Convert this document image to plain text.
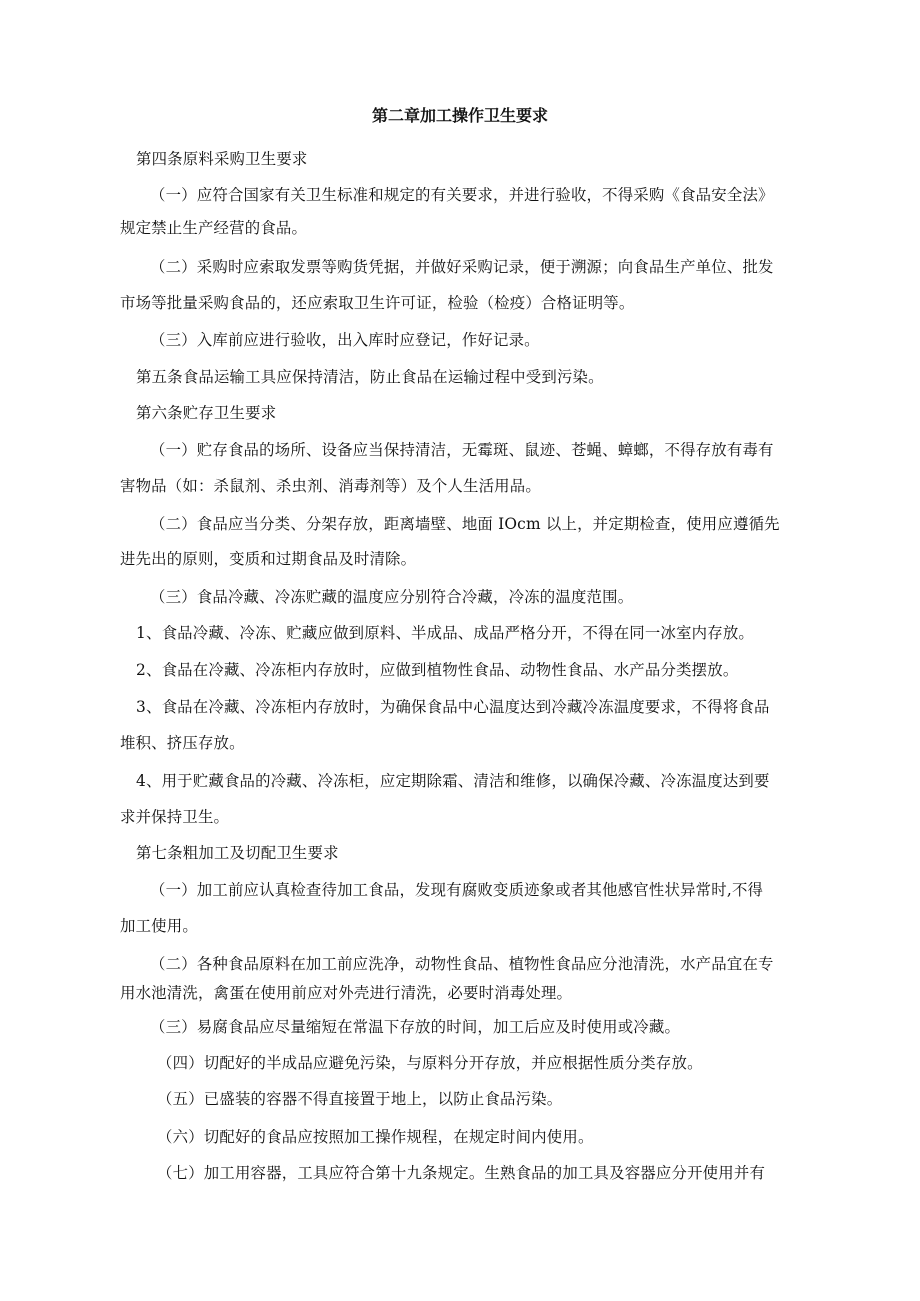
第二章加工操作卫生要求
第四条原料采购卫生要求
（一）应符合国家有关卫生标准和规定的有关要求，并进行验收，不得采购《食品安全法》
规定禁止生产经营的食品。
（二）采购时应索取发票等购货凭据，并做好采购记录，便于溯源；向食品生产单位、批发
市场等批量采购食品的，还应索取卫生许可证，检验（检疫）合格证明等。
（三）入库前应进行验收，出入库时应登记，作好记录。
第五条食品运输工具应保持清洁，防止食品在运输过程中受到污染。
第六条贮存卫生要求
（一）贮存食品的场所、设备应当保持清洁，无霉斑、鼠迹、苍蝇、蟑螂，不得存放有毒有
害物品（如：杀鼠剂、杀虫剂、消毒剂等）及个人生活用品。
（二）食品应当分类、分架存放，距离墙壁、地面 IOcm 以上，并定期检查，使用应遵循先
进先出的原则，变质和过期食品及时清除。
（三）食品冷藏、冷冻贮藏的温度应分别符合冷藏，冷冻的温度范围。
1、食品冷藏、冷冻、贮藏应做到原料、半成品、成品严格分开，不得在同一冰室内存放。
2、食品在冷藏、冷冻柜内存放时，应做到植物性食品、动物性食品、水产品分类摆放。
3、食品在冷藏、冷冻柜内存放时，为确保食品中心温度达到冷藏冷冻温度要求，不得将食品
堆积、挤压存放。
4、用于贮藏食品的冷藏、冷冻柜，应定期除霜、清洁和维修，以确保冷藏、冷冻温度达到要
求并保持卫生。
第七条粗加工及切配卫生要求
（一）加工前应认真检查待加工食品，发现有腐败变质迹象或者其他感官性状异常时,不得
加工使用。
（二）各种食品原料在加工前应洗净，动物性食品、植物性食品应分池清洗，水产品宜在专
用水池清洗，禽蛋在使用前应对外壳进行清洗，必要时消毒处理。
（三）易腐食品应尽量缩短在常温下存放的时间，加工后应及时使用或冷藏。
（四）切配好的半成品应避免污染，与原料分开存放，并应根据性质分类存放。
（五）已盛装的容器不得直接置于地上，以防止食品污染。
（六）切配好的食品应按照加工操作规程，在规定时间内使用。
（七）加工用容器，工具应符合第十九条规定。生熟食品的加工具及容器应分开使用并有
